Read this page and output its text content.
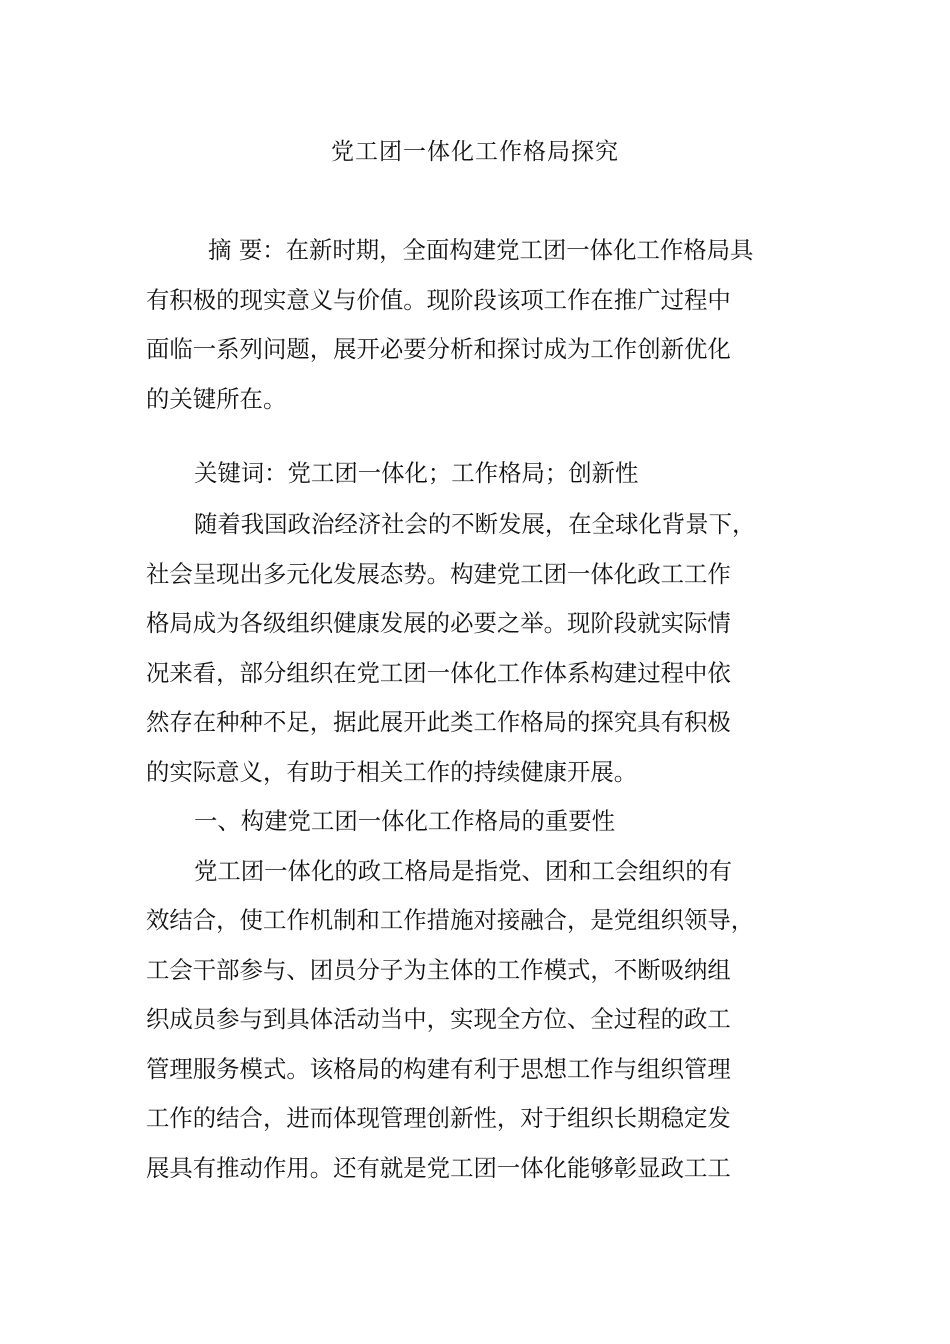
党工团一体化工作格局探究
摘 要：在新时期，全面构建党工团一体化工作格局具
有积极的现实意义与价值。现阶段该项工作在推广过程中
面临一系列问题，展开必要分析和探讨成为工作创新优化
的关键所在。
关键词：党工团一体化；工作格局；创新性

随着我国政治经济社会的不断发展，在全球化背景下，
社会呈现出多元化发展态势。构建党工团一体化政工工作
格局成为各级组织健康发展的必要之举。现阶段就实际情
况来看，部分组织在党工团一体化工作体系构建过程中依
然存在种种不足，据此展开此类工作格局的探究具有积极
的实际意义，有助于相关工作的持续健康开展。

一、构建党工团一体化工作格局的重要性

党工团一体化的政工格局是指党、团和工会组织的有
效结合，使工作机制和工作措施对接融合，是党组织领导，
工会干部参与、团员分子为主体的工作模式，不断吸纳组
织成员参与到具体活动当中，实现全方位、全过程的政工
管理服务模式。该格局的构建有利于思想工作与组织管理
工作的结合，进而体现管理创新性，对于组织长期稳定发
展具有推动作用。还有就是党工团一体化能够彰显政工工
